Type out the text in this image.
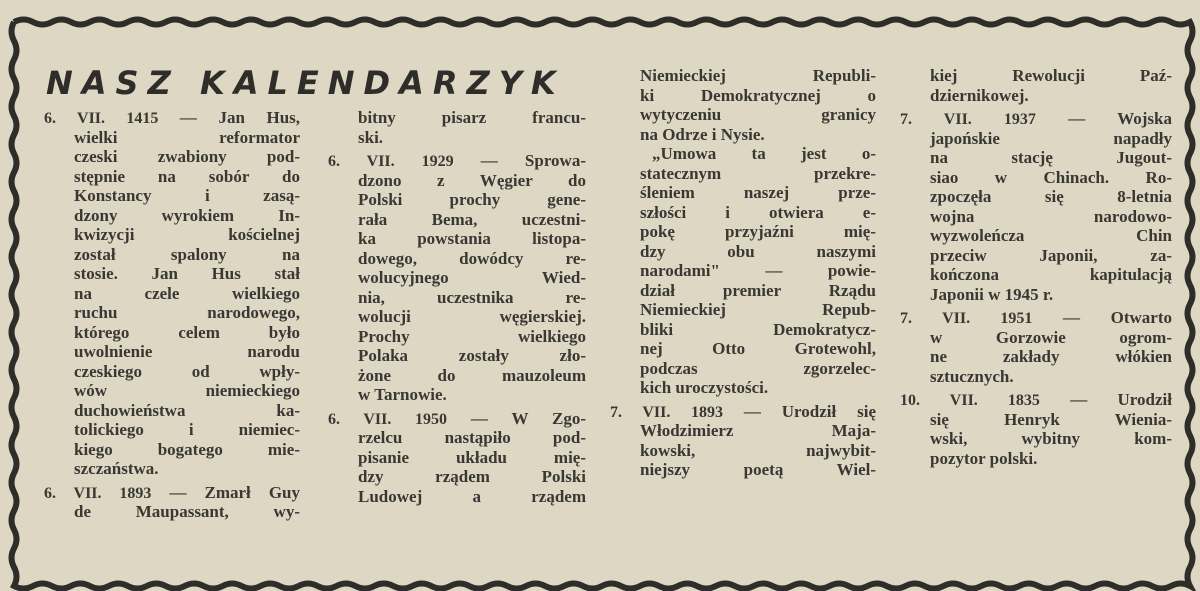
NASZ KALENDARZYK
6. VII. 1415 — Jan Hus,
wielki reformator
czeski zwabiony pod-
stępnie na sobór do
Konstancy i zasą-
dzony wyrokiem In-
kwizycji kościelnej
został spalony na
stosie. Jan Hus stał
na czele wielkiego
ruchu narodowego,
którego celem było
uwolnienie narodu
czeskiego od wpły-
wów niemieckiego
duchowieństwa ka-
tolickiego i niemiec-
kiego bogatego mie-
szczaństwa.
6. VII. 1893 — Zmarł Guy
de Maupassant, wy-
bitny pisarz francu-
ski.
6. VII. 1929 — Sprowa-
dzono z Węgier do
Polski prochy gene-
rała Bema, uczestni-
ka powstania listopa-
dowego, dowódcy re-
wolucyjnego Wied-
nia, uczestnika re-
wolucji węgierskiej.
Prochy wielkiego
Polaka zostały zło-
żone do mauzoleum
w Tarnowie.
6. VII. 1950 — W Zgo-
rzelcu nastąpiło pod-
pisanie układu mię-
dzy rządem Polski
Ludowej a rządem
Niemieckiej Republi-
ki Demokratycznej o
wytyczeniu granicy
na Odrze i Nysie.
„Umowa ta jest o-
statecznym przekre-
śleniem naszej prze-
szłości i otwiera e-
pokę przyjaźni mię-
dzy obu naszymi
narodami" — powie-
dział premier Rządu
Niemieckiej Repub-
bliki Demokratycz-
nej Otto Grotewohl,
podczas zgorzelec-
kich uroczystości.
7. VII. 1893 — Urodził się
Włodzimierz Maja-
kowski, najwybit-
niejszy poetą Wiel-
kiej Rewolucji Paź-
dziernikowej.
7. VII. 1937 — Wojska
japońskie napadły
na stację Jugout-
siao w Chinach. Ro-
zpoczęła się 8-letnia
wojna narodowo-
wyzwoleńcza Chin
przeciw Japonii, za-
kończona kapitulacją
Japonii w 1945 r.
7. VII. 1951 — Otwarto
w Gorzowie ogrom-
ne zakłady włókien
sztucznych.
10. VII. 1835 — Urodził
się Henryk Wienia-
wski, wybitny kom-
pozytor polski.
